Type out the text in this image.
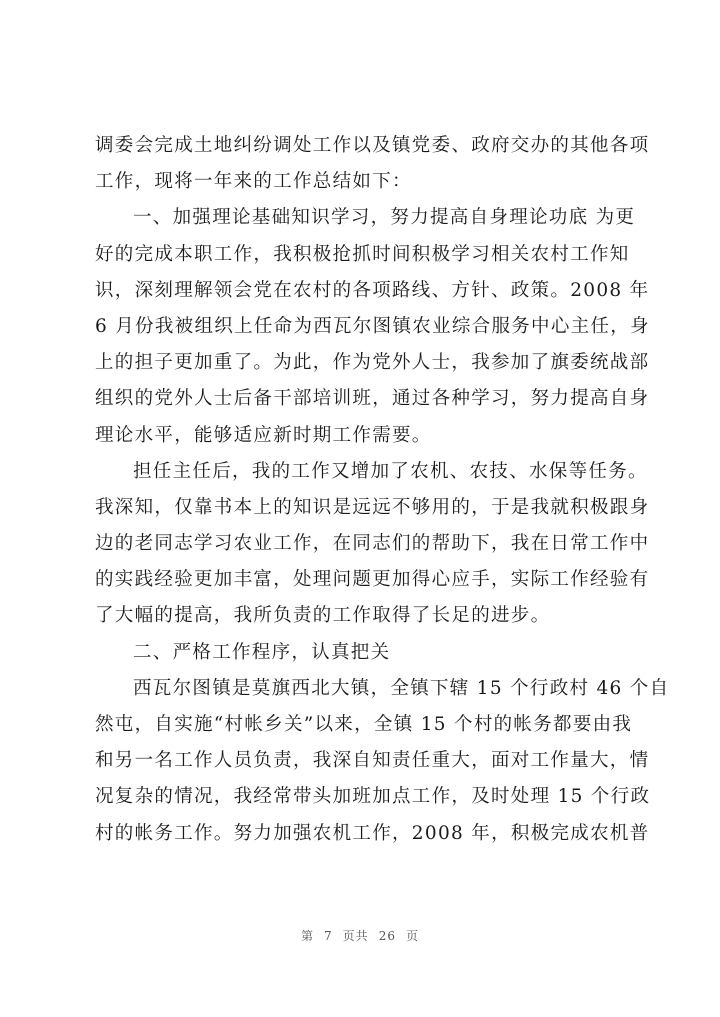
调委会完成土地纠纷调处工作以及镇党委、政府交办的其他各项
工作，现将一年来的工作总结如下：
一、加强理论基础知识学习，努力提高自身理论功底 为更
好的完成本职工作，我积极抢抓时间积极学习相关农村工作知
识，深刻理解领会党在农村的各项路线、方针、政策。2008 年
6 月份我被组织上任命为西瓦尔图镇农业综合服务中心主任，身
上的担子更加重了。为此，作为党外人士，我参加了旗委统战部
组织的党外人士后备干部培训班，通过各种学习，努力提高自身
理论水平，能够适应新时期工作需要。
担任主任后，我的工作又增加了农机、农技、水保等任务。
我深知，仅靠书本上的知识是远远不够用的，于是我就积极跟身
边的老同志学习农业工作，在同志们的帮助下，我在日常工作中
的实践经验更加丰富，处理问题更加得心应手，实际工作经验有
了大幅的提高，我所负责的工作取得了长足的进步。
二、严格工作程序，认真把关
西瓦尔图镇是莫旗西北大镇，全镇下辖 15 个行政村 46 个自
然屯，自实施“村帐乡关”以来，全镇 15 个村的帐务都要由我
和另一名工作人员负责，我深自知责任重大，面对工作量大，情
况复杂的情况，我经常带头加班加点工作，及时处理 15 个行政
村的帐务工作。努力加强农机工作，2008 年，积极完成农机普
第 7 页共 26 页
